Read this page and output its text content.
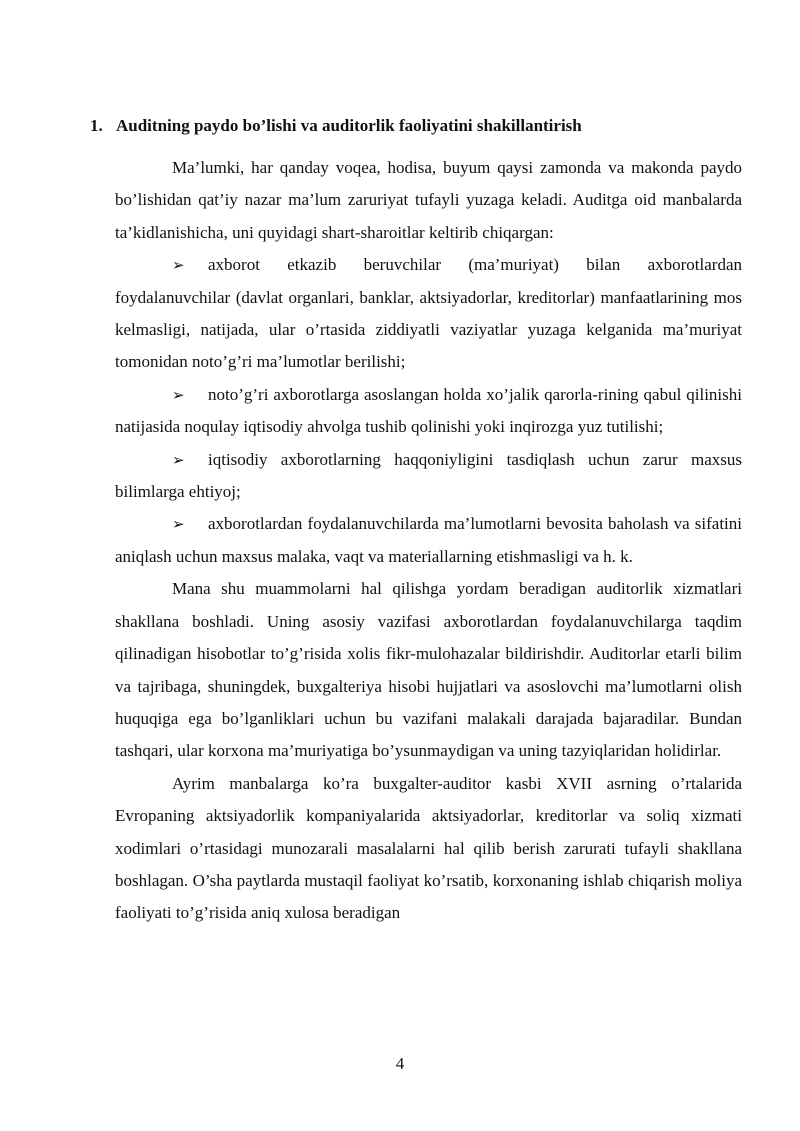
1. Auditning paydo bo’lishi va auditorlik faoliyatini shakillantirish

Ma’lumki, har qanday voqea, hodisa, buyum qaysi zamonda va makonda paydo bo’lishidan qat’iy nazar ma’lum zaruriyat tufayli yuzaga keladi. Auditga oid manbalarda ta’kidlanishicha, uni quyidagi shart-sharoitlar keltirib chiqargan:

➢ axborot etkazib beruvchilar (ma’muriyat) bilan axborotlardan foydalanuvchilar (davlat organlari, banklar, aktsiyadorlar, kreditorlar) manfaatlarining mos kelmasligi, natijada, ular o’rtasida ziddiyatli vaziyatlar yuzaga kelganida ma’muriyat tomonidan noto’g’ri ma’lumotlar berilishi;

➢ noto’g’ri axborotlarga asoslangan holda xo’jalik qarorla-rining qabul qilinishi natijasida noqulay iqtisodiy ahvolga tushib qolinishi yoki inqirozga yuz tutilishi;

➢ iqtisodiy axborotlarning haqqoniyligini tasdiqlash uchun zarur maxsus bilimlarga ehtiyoj;

➢ axborotlardan foydalanuvchilarda ma’lumotlarni bevosita baholash va sifatini aniqlash uchun maxsus malaka, vaqt va materiallarning etishmasligi va h. k.

Mana shu muammolarni hal qilishga yordam beradigan auditorlik xizmatlari shakllana boshladi. Uning asosiy vazifasi axborotlardan foydalanuvchilarga taqdim qilinadigan hisobotlar to’g’risida xolis fikr-mulohazalar bildirishdir. Auditorlar etarli bilim va tajribaga, shuningdek, buxgalteriya hisobi hujjatlari va asoslovchi ma’lumotlarni olish huquqiga ega bo’lganliklari uchun bu vazifani malakali darajada bajaradilar. Bundan tashqari, ular korxona ma’muriyatiga bo’ysunmaydigan va uning tazyiqlaridan holidirlar.

Ayrim manbalarga ko’ra buxgalter-auditor kasbi XVII asrning o’rtalarida Evropaning aktsiyadorlik kompaniyalarida aktsiyadorlar, kreditorlar va soliq xizmati xodimlari o’rtasidagi munozarali masalalarni hal qilib berish zarurati tufayli shakllana boshlagan. O’sha paytlarda mustaqil faoliyat ko’rsatib, korxonaning ishlab chiqarish moliya faoliyati to’g’risida aniq xulosa beradigan

4
